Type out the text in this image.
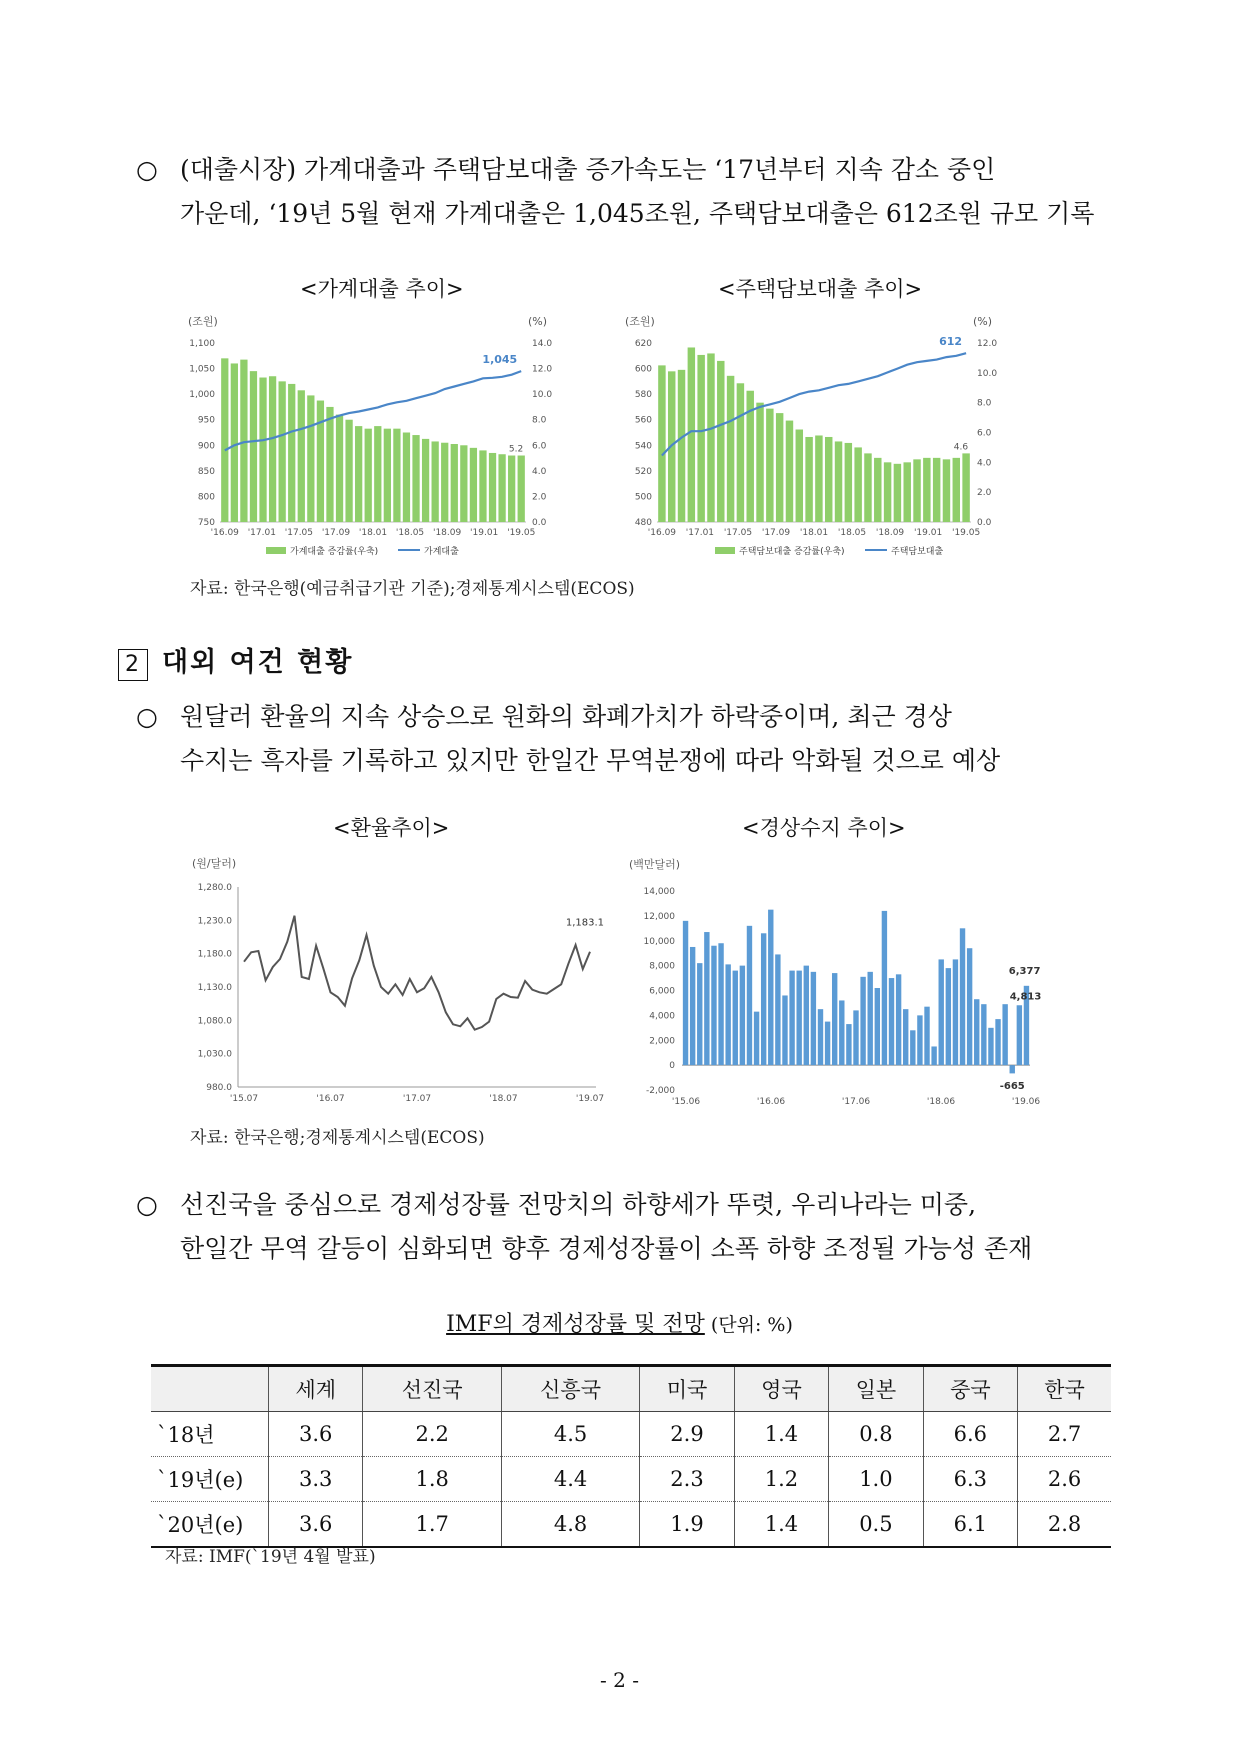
○ (대출시장) 가계대출과 주택담보대출 증가속도는 ‘17년부터 지속 감소 중인
가운데, ‘19년 5월 현재 가계대출은 1,045조원, 주택담보대출은 612조원 규모 기록
<가계대출 추이>	<주택담보대출 추이>
(조원)	(%)
1,100
1,050
1,000
950
900
850
800
750
14.0
12.0
10.0
8.0
6.0
4.0
2.0
0.0
'16.09 '17.01 '17.05 '17.09 '18.01 '18.05 '18.09 '19.01 '19.05
1,045
5.2
가계대출 증감률(우축)	가계대출
(조원)	(%)
620
600
580
560
540
520
500
480
12.0
10.0
8.0
6.0
4.0
2.0
0.0
'16.09 '17.01 '17.05 '17.09 '18.01 '18.05 '18.09 '19.01 '19.05
612
4.6
주택담보대출 증감률(우축)	주택담보대출
자료: 한국은행(예금취급기관 기준);경제통계시스템(ECOS)
2 대외 여건 현황
○ 원달러 환율의 지속 상승으로 원화의 화폐가치가 하락중이며, 최근 경상
수지는 흑자를 기록하고 있지만 한일간 무역분쟁에 따라 악화될 것으로 예상
<환율추이>	<경상수지 추이>
(원/달러)
1,280.0
1,230.0
1,180.0
1,130.0
1,080.0
1,030.0
980.0
'15.07	'16.07	'17.07	'18.07	'19.07
1,183.1
(백만달러)
14,000
12,000
10,000
8,000
6,000
4,000
2,000
0
-2,000
'15.06	'16.06	'17.06	'18.06	'19.06
6,377
4,813
-665
자료: 한국은행;경제통계시스템(ECOS)
○ 선진국을 중심으로 경제성장률 전망치의 하향세가 뚜렷, 우리나라는 미중,
한일간 무역 갈등이 심화되면 향후 경제성장률이 소폭 하향 조정될 가능성 존재
IMF의 경제성장률 및 전망 (단위: %)
	세계	선진국	신흥국	미국	영국	일본	중국	한국
`18년	3.6	2.2	4.5	2.9	1.4	0.8	6.6	2.7
`19년(e)	3.3	1.8	4.4	2.3	1.2	1.0	6.3	2.6
`20년(e)	3.6	1.7	4.8	1.9	1.4	0.5	6.1	2.8
자료: IMF(`19년 4월 발표)
- 2 -
